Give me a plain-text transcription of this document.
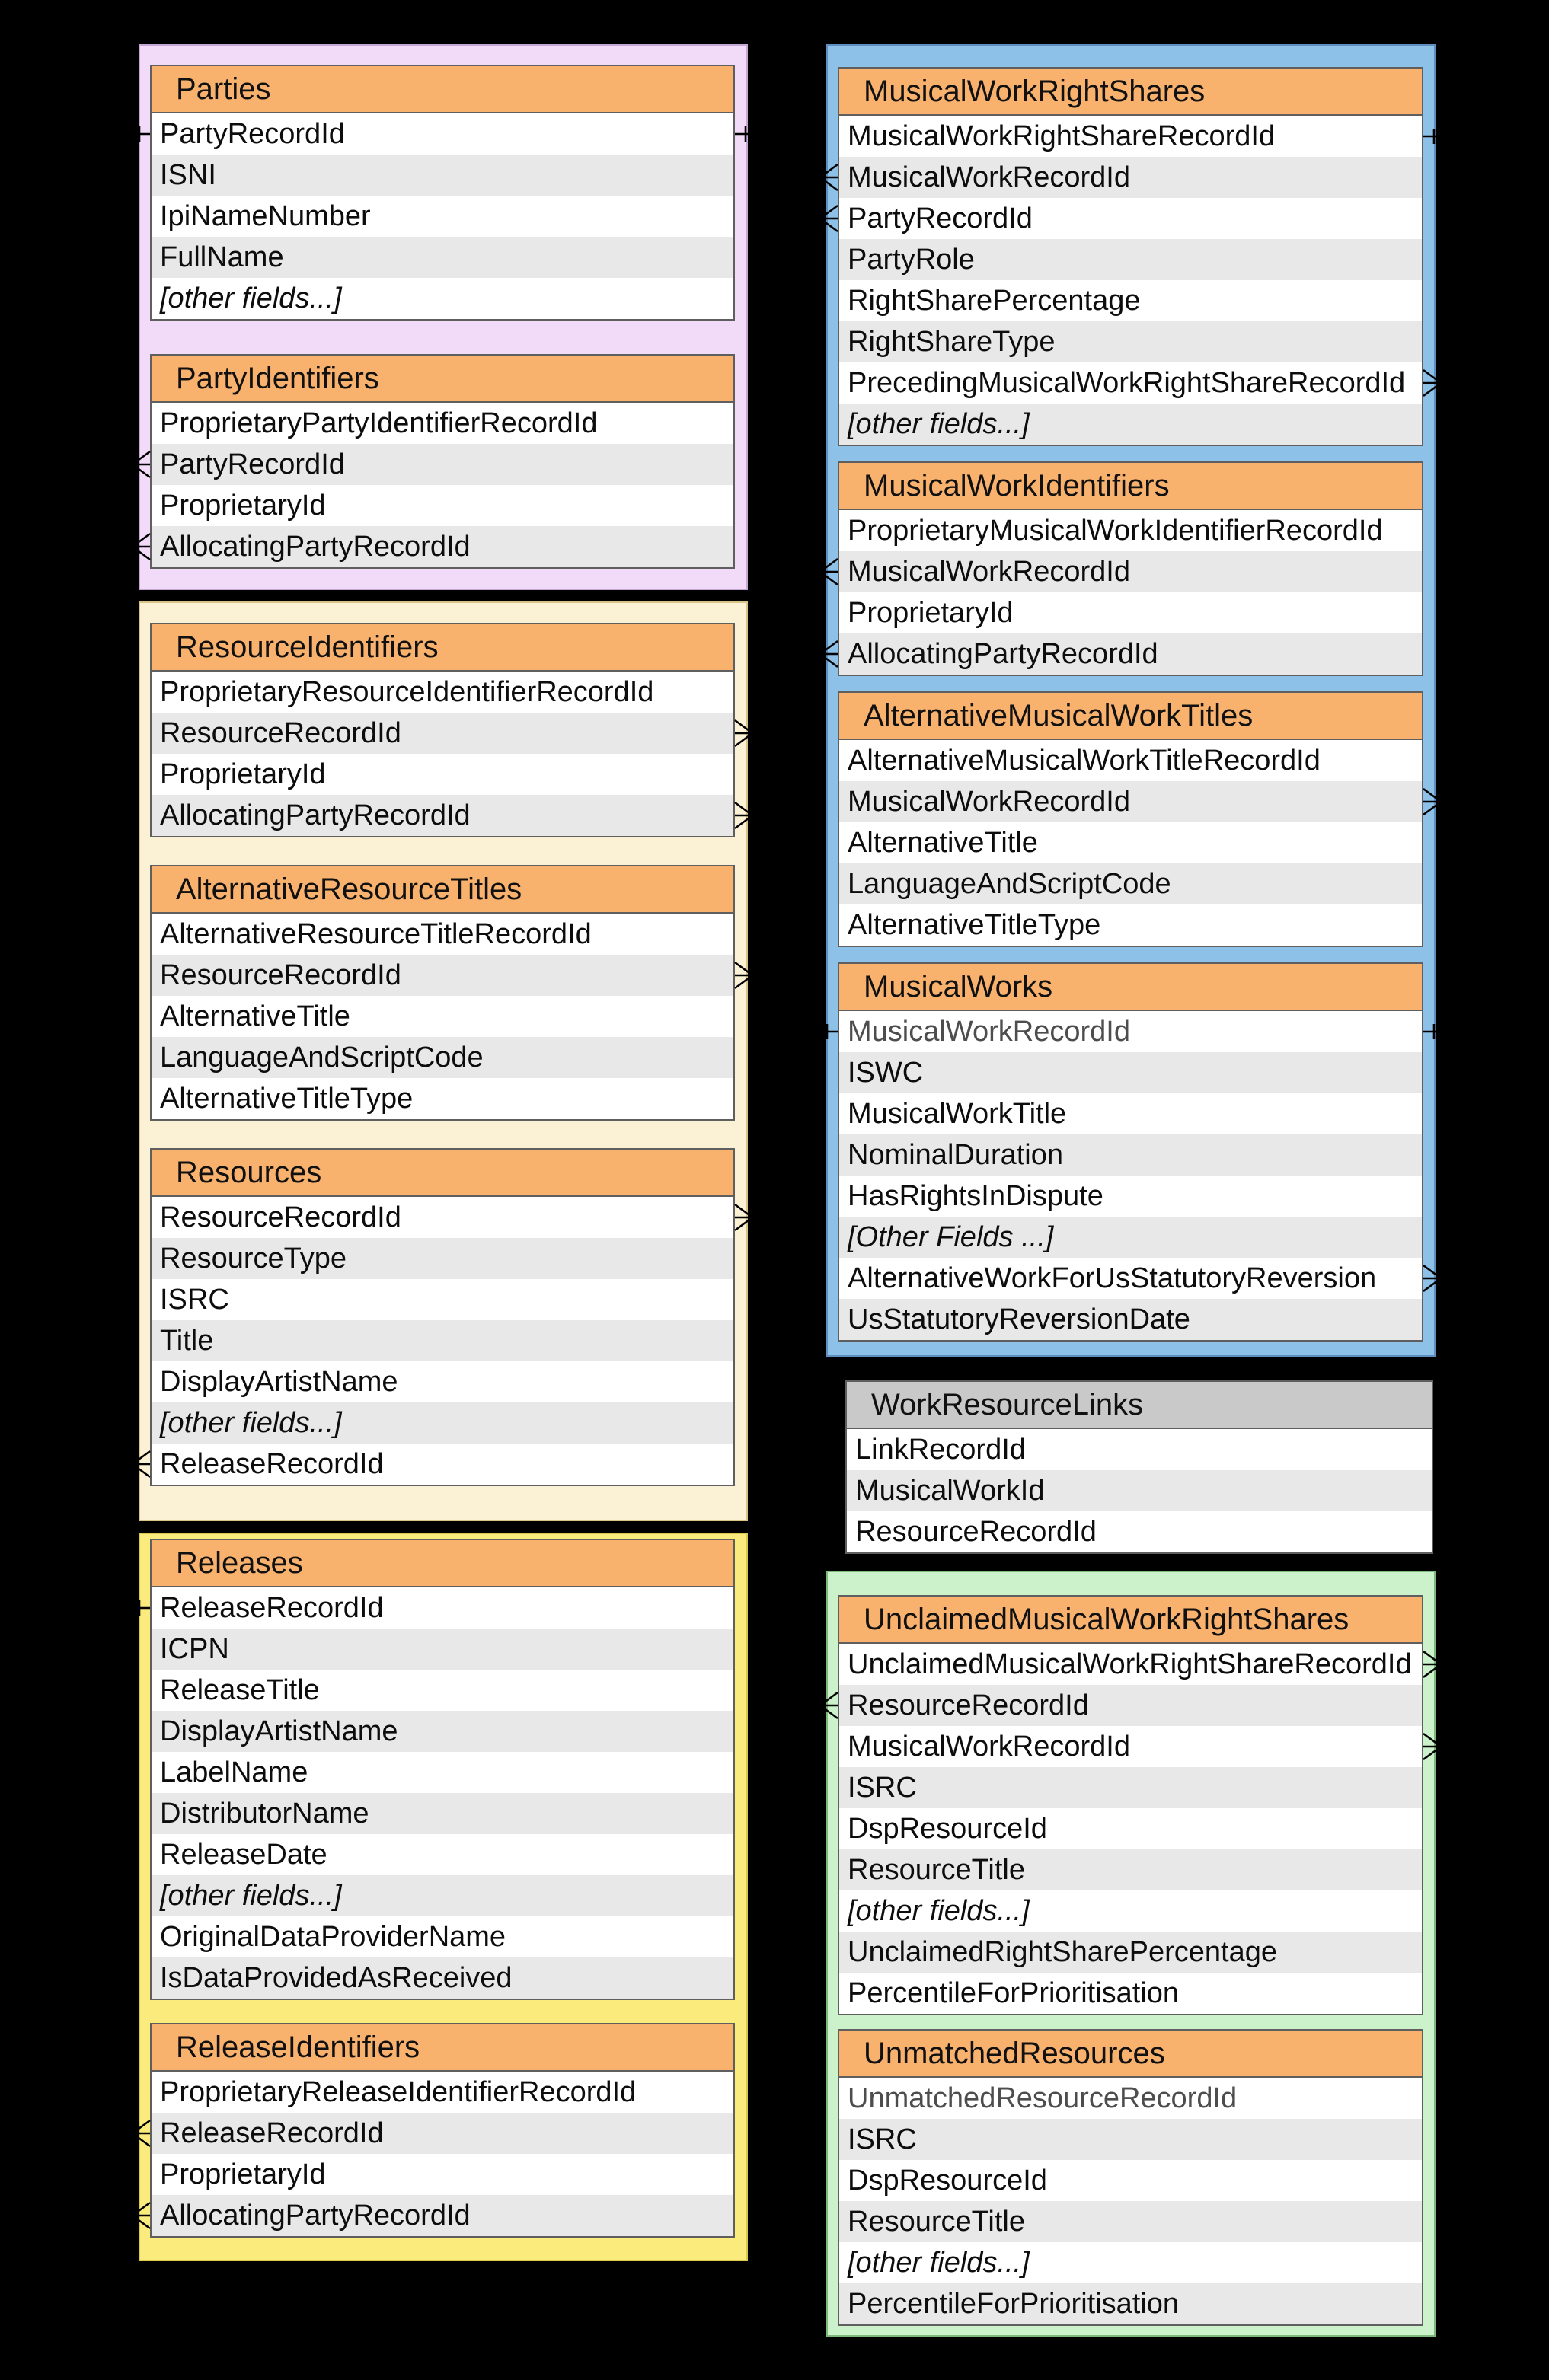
Parties
PartyRecordId
ISNI
IpiNameNumber
FullName
[other fields...]
PartyIdentifiers
ProprietaryPartyIdentifierRecordId
PartyRecordId
ProprietaryId
AllocatingPartyRecordId
ResourceIdentifiers
ProprietaryResourceIdentifierRecordId
ResourceRecordId
ProprietaryId
AllocatingPartyRecordId
AlternativeResourceTitles
AlternativeResourceTitleRecordId
ResourceRecordId
AlternativeTitle
LanguageAndScriptCode
AlternativeTitleType
Resources
ResourceRecordId
ResourceType
ISRC
Title
DisplayArtistName
[other fields...]
ReleaseRecordId
Releases
ReleaseRecordId
ICPN
ReleaseTitle
DisplayArtistName
LabelName
DistributorName
ReleaseDate
[other fields...]
OriginalDataProviderName
IsDataProvidedAsReceived
ReleaseIdentifiers
ProprietaryReleaseIdentifierRecordId
ReleaseRecordId
ProprietaryId
AllocatingPartyRecordId
MusicalWorkRightShares
MusicalWorkRightShareRecordId
MusicalWorkRecordId
PartyRecordId
PartyRole
RightSharePercentage
RightShareType
PrecedingMusicalWorkRightShareRecordId
[other fields...]
MusicalWorkIdentifiers
ProprietaryMusicalWorkIdentifierRecordId
MusicalWorkRecordId
ProprietaryId
AllocatingPartyRecordId
AlternativeMusicalWorkTitles
AlternativeMusicalWorkTitleRecordId
MusicalWorkRecordId
AlternativeTitle
LanguageAndScriptCode
AlternativeTitleType
MusicalWorks
MusicalWorkRecordId
ISWC
MusicalWorkTitle
NominalDuration
HasRightsInDispute
[Other Fields ...]
AlternativeWorkForUsStatutoryReversion
UsStatutoryReversionDate
WorkResourceLinks
LinkRecordId
MusicalWorkId
ResourceRecordId
UnclaimedMusicalWorkRightShares
UnclaimedMusicalWorkRightShareRecordId
ResourceRecordId
MusicalWorkRecordId
ISRC
DspResourceId
ResourceTitle
[other fields...]
UnclaimedRightSharePercentage
PercentileForPrioritisation
UnmatchedResources
UnmatchedResourceRecordId
ISRC
DspResourceId
ResourceTitle
[other fields...]
PercentileForPrioritisation
